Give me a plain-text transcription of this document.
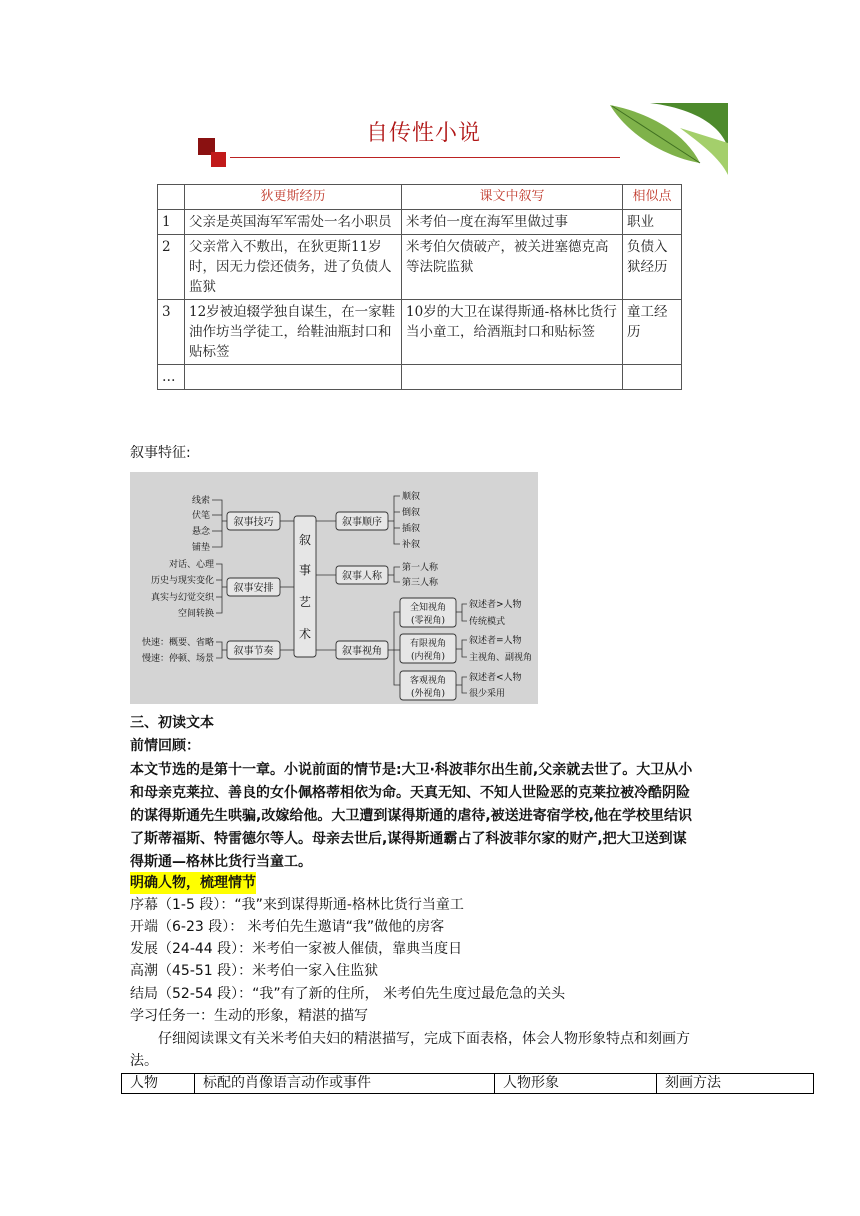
自传性小说
	狄更斯经历	课文中叙写	相似点
1	父亲是英国海军军需处一名小职员	米考伯一度在海军里做过事	职业
2	父亲常入不敷出，在狄更斯11岁时，因无力偿还债务，进了负债人监狱	米考伯欠债破产，被关进塞德克高等法院监狱	负债入狱经历
3	12岁被迫辍学独自谋生，在一家鞋油作坊当学徒工，给鞋油瓶封口和贴标签	10岁的大卫在谋得斯通-格林比货行当小童工，给酒瓶封口和贴标签	童工经历
…			
叙事特征:
线索
伏笔
悬念
铺垫
对话、心理
历史与现实变化
真实与幻觉交织
空间转换
快速：概要、省略
慢速：停顿、场景
叙事技巧
叙事安排
叙事节奏
叙
事
艺
术
叙事顺序
叙事人称
叙事视角
顺叙
倒叙
插叙
补叙
第一人称
第三人称
全知视角
(零视角)
叙述者>人物
传统模式
有限视角
(内视角)
叙述者=人物
主视角、副视角
客观视角
(外视角)
叙述者<人物
很少采用
三、初读文本
前情回顾：
本文节选的是第十一章。小说前面的情节是:大卫·科波菲尔出生前,父亲就去世了。大卫从小
和母亲克莱拉、善良的女仆佩格蒂相依为命。天真无知、不知人世险恶的克莱拉被冷酷阴险
的谋得斯通先生哄骗,改嫁给他。大卫遭到谋得斯通的虐待,被送进寄宿学校,他在学校里结识
了斯蒂福斯、特雷德尔等人。母亲去世后,谋得斯通霸占了科波菲尔家的财产,把大卫送到谋
得斯通—格林比货行当童工。
明确人物，梳理情节
序幕（1-5 段）：“我”来到谋得斯通-格林比货行当童工
开端（6-23 段）： 米考伯先生邀请“我”做他的房客
发展（24-44 段）：米考伯一家被人催债，靠典当度日
高潮（45-51 段）：米考伯一家入住监狱
结局（52-54 段）：“我”有了新的住所， 米考伯先生度过最危急的关头
学习任务一：生动的形象，精湛的描写
仔细阅读课文有关米考伯夫妇的精湛描写，完成下面表格，体会人物形象特点和刻画方
法。
人物	标配的肖像语言动作或事件	人物形象	刻画方法
